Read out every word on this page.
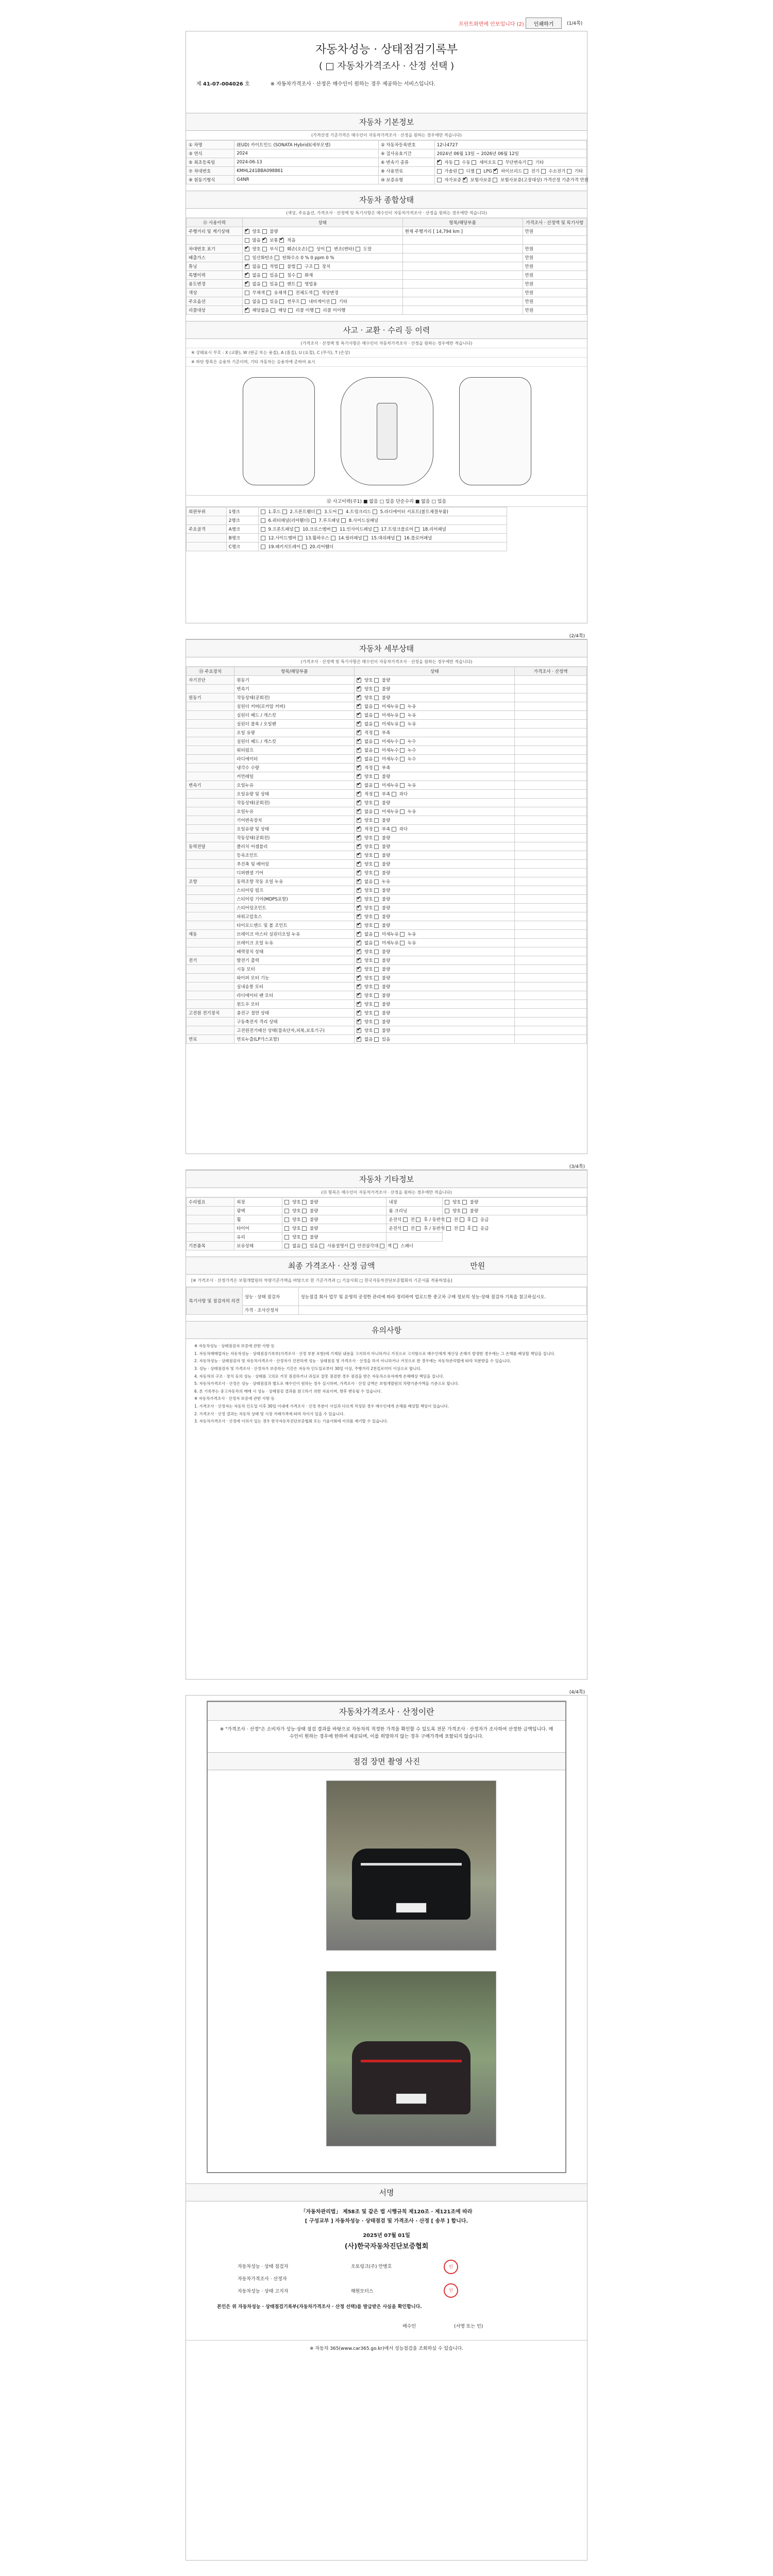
프린트화면에 안보입니다 (2)	인쇄하기	(1/4쪽)
자동차성능 · 상태점검기록부
( □ 자동차가격조사 · 산정 선택 )
제 41-07-004026 호	※ 자동차가격조사 · 산정은 매수인이 원하는 경우 제공하는 서비스입니다.
자동차 기본정보
(가격산정 기준가격은 매수인이 자동차가격조사 · 산정을 원하는 경우에만 적습니다)
① 차명	(EUD) 카이트인드 (SONATA Hybrid)(세부모델)	② 자동차등록번호	12나4727
③ 연식	2024	④ 검사유효기간	2024년 06월 13일 ~ 2026년 06월 12일
⑤ 최초등록일	2024-06-13	⑥ 변속기 종류	✔ 자동  수동  세미오토  무단변속기  기타
⑦ 차대번호	KMHL241BBA098861	⑧ 사용연료	가솔린  디젤  LPG ✔ 하이브리드  전기  수소전기  기타
⑨ 원동기형식	G4NR	⑩ 보증유형	자가보증 ✔ 보험사보증  보험사보증(고장대상) 가격산정 기준가격 만원
자동차 종합상태
(색상, 주요옵션, 가격조사 · 산정액 및 특기사항은 매수인이 자동차가격조사 · 산정을 원하는 경우에만 적습니다)
⑪ 사용이력	상태	항목/해당부품	가격조사 · 산정액 및 특기사항
주행거리 및 계기상태	✔ 양호  불량	현재 주행거리 [ 14,794 km ]	만원
	많음 ✔ 보통 ✔ 적음		
차대번호 표기	✔ 양호  부식  훼손(오손)  상이  변조(변타)  도말		만원
배출가스	일산화탄소  탄화수소 0 % 0 ppm 0 %		만원
튜닝	✔ 없음  적법  불법  구조  장치		만원
특별이력	✔ 없음  있음  침수  화재		만원
용도변경	✔ 없음  있음  렌트  영업용		만원
색상	무채색  유채색  전체도색  색상변경		만원
주요옵션	없음  있음  썬루프  내비게이션  기타		만원
리콜대상	✔ 해당없음  해당  리콜 이행  리콜 미이행		만원
사고 · 교환 · 수리 등 이력
(가격조사 · 산정액 및 특기사항은 매수인이 자동차가격조사 · 산정을 원하는 경우에만 적습니다)
※ 상태표시 부호 : X (교환), W (판금 또는 용접), A (흠집), U (요철), C (부식), T (손상)
※ 하단 항목은 승용차 기준이며, 기타 자동차는 승용차에 준하여 표시
⑫ 사고이력(주1) ■ 없음 □ 있음 단순수리 ■ 없음 □ 있음
외판부위	1랭크	1.후드  2.프론트휀더  3.도어  4.트렁크리드  5.라디에이터 서포트(볼트체결부품)
	2랭크	6.쿼터패널(리어휀더)  7.루프패널  8.사이드실패널
주요골격	A랭크	9.프론트패널  10.크로스멤버  11.인사이드패널  17.트렁크플로어  18.리어패널
	B랭크	12.사이드멤버  13.휠하우스  14.필러패널  15.대쉬패널  16.플로어패널
	C랭크	19.패키지트레이  20.리어휀더
(2/4쪽)
자동차 세부상태
(가격조사 · 산정액 및 특기사항은 매수인이 자동차가격조사 · 산정을 원하는 경우에만 적습니다)
⑬ 주요장치	항목/해당부품	상태	가격조사 · 산정액
자기진단	원동기	✔ 양호  불량	
	변속기	✔ 양호  불량	
원동기	작동상태(공회전)	✔ 양호  불량	
	실린더 커버(로커암 커버)	✔ 없음  미세누유  누유	
	실린더 헤드 / 개스킷	✔ 없음  미세누유  누유	
	실린더 블록 / 오일팬	✔ 없음  미세누유  누유	
	오일 유량	✔ 적정  부족	
	실린더 헤드 / 개스킷	✔ 없음  미세누수  누수	
	워터펌프	✔ 없음  미세누수  누수	
	라디에이터	✔ 없음  미세누수  누수	
	냉각수 수량	✔ 적정  부족	
	커먼레일	✔ 양호  불량	
변속기	오일누유	✔ 없음  미세누유  누유	
	오일유량 및 상태	✔ 적정  부족  과다	
	작동상태(공회전)	✔ 양호  불량	
	오일누유	✔ 없음  미세누유  누유	
	기어변속장치	✔ 양호  불량	
	오일유량 및 상태	✔ 적정  부족  과다	
	작동상태(공회전)	✔ 양호  불량	
동력전달	클러치 어셈블리	✔ 양호  불량	
	등속조인트	✔ 양호  불량	
	추진축 및 베어링	✔ 양호  불량	
	디퍼렌셜 기어	✔ 양호  불량	
조향	동력조향 작동 오일 누유	✔ 없음  누유	
	스티어링 펌프	✔ 양호  불량	
	스티어링 기어(MDPS포함)	✔ 양호  불량	
	스티어링조인트	✔ 양호  불량	
	파워고압호스	✔ 양호  불량	
	타이로드엔드 및 볼 조인트	✔ 양호  불량	
제동	브레이크 마스터 실린더오일 누유	✔ 없음  미세누유  누유	
	브레이크 오일 누유	✔ 없음  미세누유  누유	
	배력장치 상태	✔ 양호  불량	
전기	발전기 출력	✔ 양호  불량	
	시동 모터	✔ 양호  불량	
	와이퍼 모터 기능	✔ 양호  불량	
	실내송풍 모터	✔ 양호  불량	
	라디에이터 팬 모터	✔ 양호  불량	
	윈도우 모터	✔ 양호  불량	
고전원 전기장치	충전구 절연 상태	✔ 양호  불량	
	구동축전지 격리 상태	✔ 양호  불량	
	고전원전기배선 상태(접속단자,피복,보호기구)	✔ 양호  불량	
연료	연료누출(LP가스포함)	✔ 없음  있음	
(3/4쪽)
자동차 기타정보
(⑬ 항목은 매수인이 자동차가격조사 · 산정을 원하는 경우에만 적습니다)
수리필요	외장	양호  불량	내장	양호  불량
	광택	양호  불량	룸 크리닝	양호  불량
	휠	양호  불량	운전석  전  후 / 동반석  전  후  응급	
	타이어	양호  불량	운전석  전  후 / 동반석  전  후  응급	
	유리	양호  불량		
기본품목	보유상태	없음  있음  사용설명서  안전삼각대  잭  스패너		
최종 가격조사 · 산정 금액	만원
[※ 가격조사 · 산정가격은 보험개발원의 차량기준가액을 바탕으로 한 기준가격과 □ 기술사회 □ 한국자동차진단보증협회의 기준서를 적용하였음]
특기사항 및 점검자의 의견	성능 · 상태 점검자	성능점검 회사 업무 및 운영의 공정한 관리에 따라 정리하여 업로드한 중고차 구매 정보의 성능·상태 점검자 기록을 참고하십시오.
	가격 · 조사산정자	
유의사항

※ 자동차성능 · 상태점검자 보증에 관한 사항 등

1. 자동차매매업자는 자동차성능 · 상태점검기록부(가격조사 · 산정 부분 포함)에 기재된 내용을 고지하지 아니하거나 거짓으로 고지함으로 매수인에게 재산상 손해가 발생한 경우에는 그 손해를 배상할 책임을 집니다.

2. 자동차성능 · 상태점검자 및 자동차가격조사 · 산정자가 건전하게 성능 · 상태점검 및 가격조사 · 산정을 하지 아니하거나 거짓으로 한 경우에는 자동차관리법에 따라 처분받을 수 있습니다.

3. 성능 · 상태점검자 및 가격조사 · 산정자가 보증하는 기간은 자동차 인도일로부터 30일 이상, 주행거리 2천킬로미터 이상으로 합니다.

4. 자동차의 구조 · 장치 등의 성능 · 상태를 고의로 거짓 점검하거나 과실로 잘못 점검한 경우 점검을 받은 자동차소유자에게 손해배상 책임을 집니다.

5. 자동차가격조사 · 산정은 성능 · 상태점검과 별도로 매수인이 원하는 경우 실시하며, 가격조사 · 산정 금액은 보험개발원의 차량기준가액을 기준으로 합니다.

6. 본 기록부는 중고자동차의 매매 시 성능 · 상태점검 결과를 참고하기 위한 자료이며, 향후 변동될 수 있습니다.

※ 자동차가격조사 · 산정자 보증에 관한 사항 등

1. 가격조사 · 산정자는 자동차 인도일 이후 30일 이내에 가격조사 · 산정 부분이 사실과 다르게 작성된 경우 매수인에게 손해를 배상할 책임이 있습니다.

2. 가격조사 · 산정 결과는 자동차 상태 및 시장 거래가격에 따라 차이가 있을 수 있습니다.

3. 자동차가격조사 · 산정에 이의가 있는 경우 한국자동차진단보증협회 또는 기술사회에 이의를 제기할 수 있습니다.

(4/4쪽)
자동차가격조사 · 산정이란
※ "가격조사 · 산정"은 소비자가 성능·상태 점검 결과를 바탕으로 자동차의 적정한 가격을 확인할 수 있도록 전문 가격조사 · 산정자가 조사하여 산정한 금액입니다. 매수인이 원하는 경우에 한하여 제공되며, 이를 희망하지 않는 경우 구매가격에 포함되지 않습니다.
점검 장면 촬영 사진
서명
「자동차관리법」 제58조 및 같은 법 시행규칙 제120조 · 제121조에 따라
[ 구성교부 ] 자동차성능 · 상태점검 및 가격조사 · 산정 [ 송부 ] 합니다.
2025년 07월 01일
(사)한국자동차진단보증협회
자동차성능 · 상태 점검자	오토링크(주) 안병호	인
자동차가격조사 · 산정자
자동차성능 · 상태 고지자	해원모터스	인
본인은 위 자동차성능 · 상태점검기록부(자동차가격조사 · 산정 선택)를 발급받은 사실을 확인합니다.
매수인	(서명 또는 인)
※ 자동차 365(www.car365.go.kr)에서 성능점검을 조회하실 수 있습니다.
